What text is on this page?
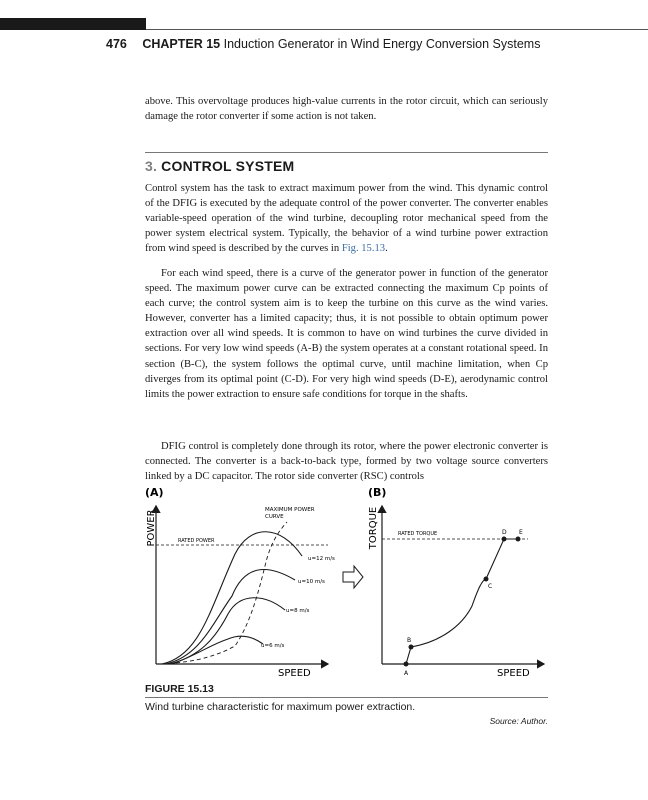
476 CHAPTER 15 Induction Generator in Wind Energy Conversion Systems

above. This overvoltage produces high-value currents in the rotor circuit, which can seriously damage the rotor converter if some action is not taken.

3. CONTROL SYSTEM

Control system has the task to extract maximum power from the wind. This dynamic control of the DFIG is executed by the adequate control of the power converter. The converter enables variable-speed operation of the wind turbine, decoupling rotor mechanical speed from the power system electrical system. Typically, the behavior of a wind turbine power extraction from wind speed is described by the curves in Fig. 15.13.

For each wind speed, there is a curve of the generator power in function of the generator speed. The maximum power curve can be extracted connecting the maximum Cp points of each curve; the control system aim is to keep the turbine on this curve as the wind varies. However, converter has a limited capacity; thus, it is not possible to obtain optimum power extraction over all wind speeds. It is common to have on wind turbines the curve divided in sections. For very low wind speeds (A-B) the system operates at a constant rotational speed. In section (B-C), the system follows the optimal curve, until machine limitation, when Cp diverges from its optimal point (C-D). For very high wind speeds (D-E), aerodynamic control limits the power extraction to ensure safe conditions for torque in the shafts.

DFIG control is completely done through its rotor, where the power electronic converter is connected. The converter is a back-to-back type, formed by two voltage source converters linked by a DC capacitor. The rotor side converter (RSC) controls

(A)
POWER
SPEED
RATED POWER
MAXIMUM POWER
CURVE
u=12 m/s
u=10 m/s
u=8 m/s
u=6 m/s
(B)
TORQUE
SPEED
RATED TORQUE
A
B
C
D E
FIGURE 15.13
Wind turbine characteristic for maximum power extraction.
Source: Author.
